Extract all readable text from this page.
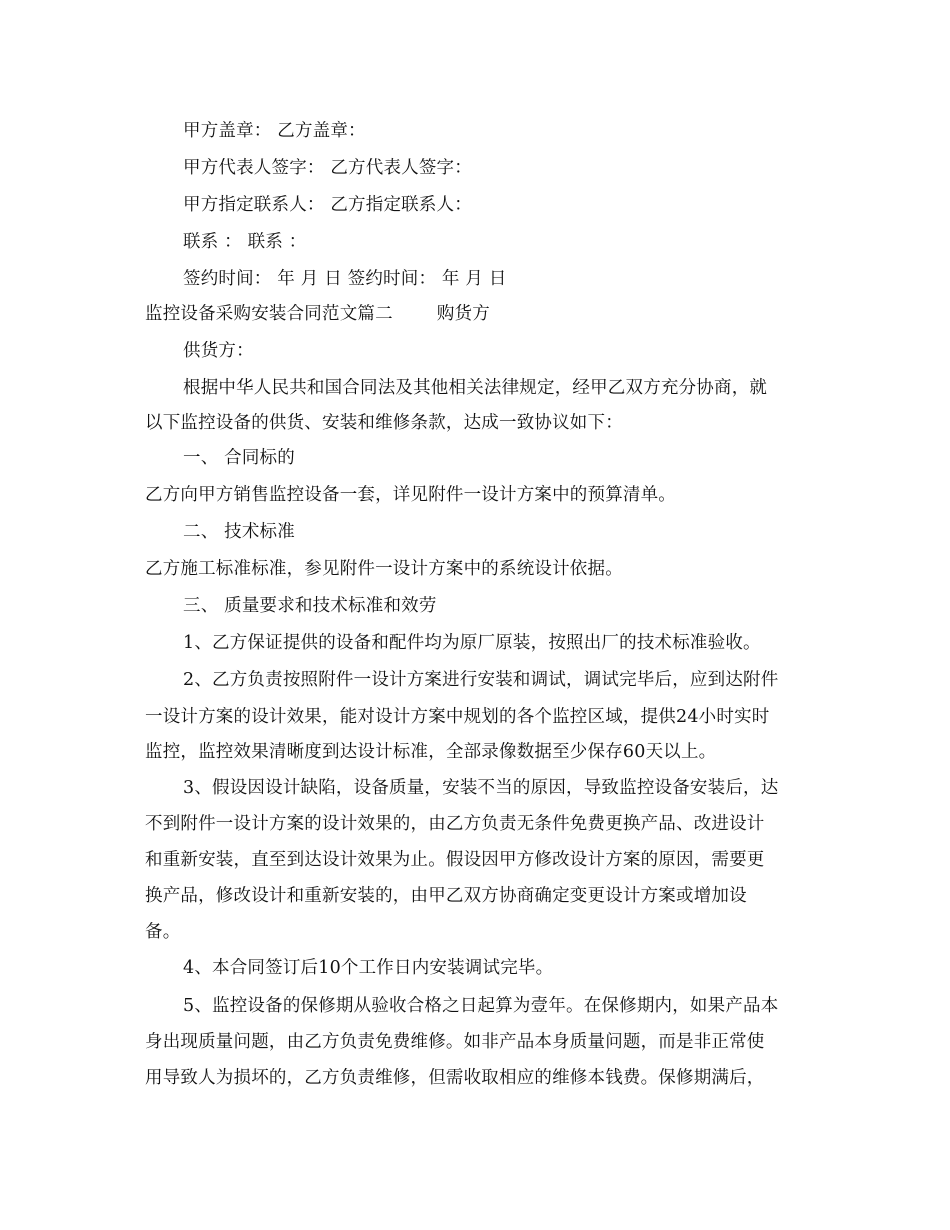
甲方盖章： 乙方盖章：
甲方代表人签字： 乙方代表人签字：
甲方指定联系人： 乙方指定联系人：
联系 ： 联系 ：
签约时间： 年 月 日 签约时间： 年 月 日
监控设备采购安装合同范文篇二	购货方
供货方：
根据中华人民共和国合同法及其他相关法律规定，经甲乙双方充分协商，就
以下监控设备的供货、安装和维修条款，达成一致协议如下：
一、 合同标的
乙方向甲方销售监控设备一套，详见附件一设计方案中的预算清单。
二、 技术标准
乙方施工标准标准，参见附件一设计方案中的系统设计依据。
三、 质量要求和技术标准和效劳
1、乙方保证提供的设备和配件均为原厂原装，按照出厂的技术标准验收。
2、乙方负责按照附件一设计方案进行安装和调试，调试完毕后，应到达附件
一设计方案的设计效果，能对设计方案中规划的各个监控区域，提供24小时实时
监控，监控效果清晰度到达设计标准，全部录像数据至少保存60天以上。
3、假设因设计缺陷，设备质量，安装不当的原因，导致监控设备安装后，达
不到附件一设计方案的设计效果的，由乙方负责无条件免费更换产品、改进设计
和重新安装，直至到达设计效果为止。假设因甲方修改设计方案的原因，需要更
换产品，修改设计和重新安装的，由甲乙双方协商确定变更设计方案或增加设
备。
4、本合同签订后10个工作日内安装调试完毕。
5、监控设备的保修期从验收合格之日起算为壹年。在保修期内，如果产品本
身出现质量问题，由乙方负责免费维修。如非产品本身质量问题，而是非正常使
用导致人为损坏的，乙方负责维修，但需收取相应的维修本钱费。保修期满后，
